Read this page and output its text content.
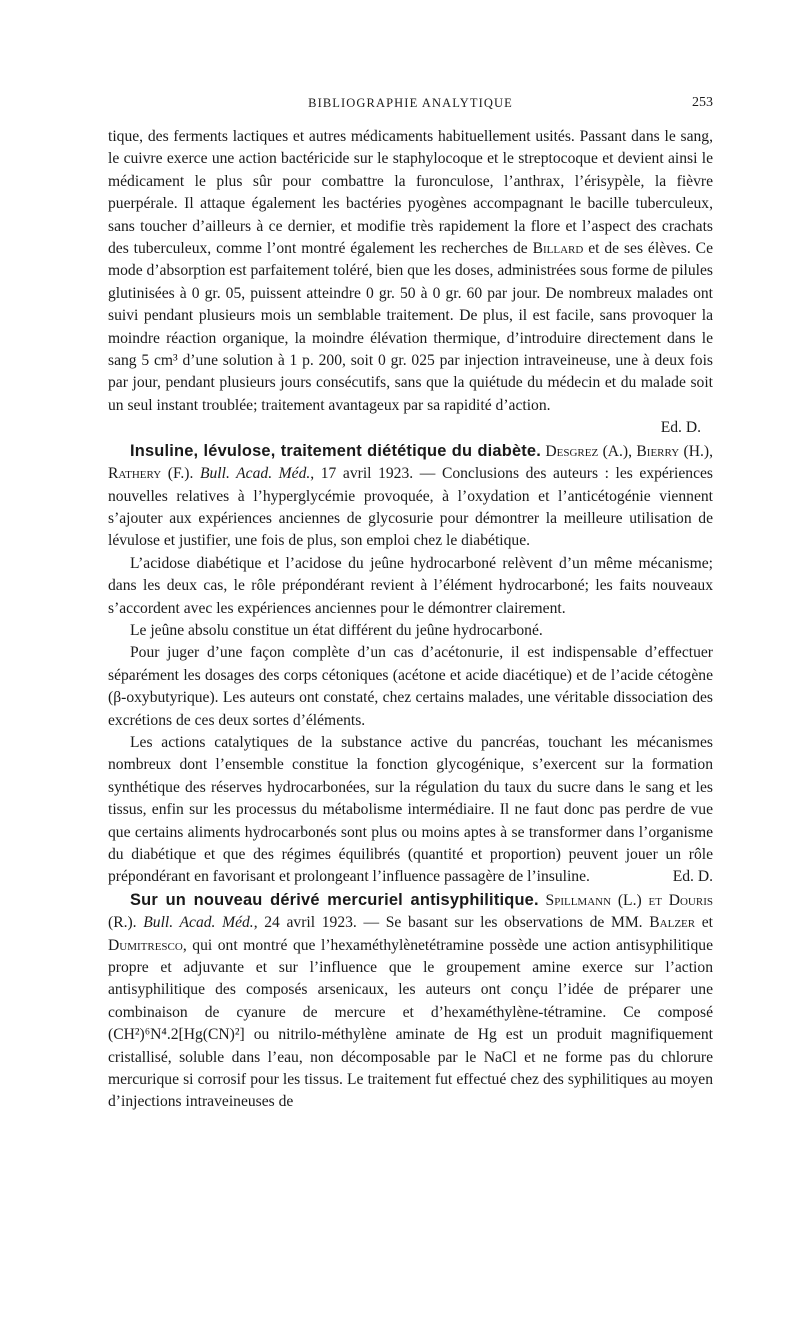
BIBLIOGRAPHIE ANALYTIQUE	253

tique, des ferments lactiques et autres médicaments habituellement usités. Passant dans le sang, le cuivre exerce une action bactéricide sur le staphylocoque et le streptocoque et devient ainsi le médicament le plus sûr pour combattre la furonculose, l’anthrax, l’érisypèle, la fièvre puerpérale. Il attaque également les bactéries pyogènes accompagnant le bacille tuberculeux, sans toucher d’ailleurs à ce dernier, et modifie très rapidement la flore et l’aspect des crachats des tuberculeux, comme l’ont montré également les recherches de Billard et de ses élèves. Ce mode d’absorption est parfaitement toléré, bien que les doses, administrées sous forme de pilules glutinisées à 0 gr. 05, puissent atteindre 0 gr. 50 à 0 gr. 60 par jour. De nombreux malades ont suivi pendant plusieurs mois un semblable traitement. De plus, il est facile, sans provoquer la moindre réaction organique, la moindre élévation thermique, d’introduire directement dans le sang 5 cm³ d’une solution à 1 p. 200, soit 0 gr. 025 par injection intraveineuse, une à deux fois par jour, pendant plusieurs jours consécutifs, sans que la quiétude du médecin et du malade soit un seul instant troublée; traitement avantageux par sa rapidité d’action.

Ed. D.

Insuline, lévulose, traitement diététique du diabète. Desgrez (A.), Bierry (H.), Rathery (F.). Bull. Acad. Méd., 17 avril 1923. — Conclusions des auteurs : les expériences nouvelles relatives à l’hyperglycémie provoquée, à l’oxydation et l’anticétogénie viennent s’ajouter aux expériences anciennes de glycosurie pour démontrer la meilleure utilisation de lévulose et justifier, une fois de plus, son emploi chez le diabétique.

L’acidose diabétique et l’acidose du jeûne hydrocarboné relèvent d’un même mécanisme; dans les deux cas, le rôle prépondérant revient à l’élément hydrocarboné; les faits nouveaux s’accordent avec les expériences anciennes pour le démontrer clairement.

Le jeûne absolu constitue un état différent du jeûne hydrocarboné.

Pour juger d’une façon complète d’un cas d’acétonurie, il est indispensable d’effectuer séparément les dosages des corps cétoniques (acétone et acide diacétique) et de l’acide cétogène (β-oxybutyrique). Les auteurs ont constaté, chez certains malades, une véritable dissociation des excrétions de ces deux sortes d’éléments.

Les actions catalytiques de la substance active du pancréas, touchant les mécanismes nombreux dont l’ensemble constitue la fonction glycogénique, s’exercent sur la formation synthétique des réserves hydrocarbonées, sur la régulation du taux du sucre dans le sang et les tissus, enfin sur les processus du métabolisme intermédiaire. Il ne faut donc pas perdre de vue que certains aliments hydrocarbonés sont plus ou moins aptes à se transformer dans l’organisme du diabétique et que des régimes équilibrés (quantité et proportion) peuvent jouer un rôle prépondérant en favorisant et prolongeant l’influence passagère de l’insuline.	Ed. D.

Sur un nouveau dérivé mercuriel antisyphilitique. Spillmann (L.) et Douris (R.). Bull. Acad. Méd., 24 avril 1923. — Se basant sur les observations de MM. Balzer et Dumitresco, qui ont montré que l’hexaméthylènetétramine possède une action antisyphilitique propre et adjuvante et sur l’influence que le groupement amine exerce sur l’action antisyphilitique des composés arsenicaux, les auteurs ont conçu l’idée de préparer une combinaison de cyanure de mercure et d’hexaméthylène-tétramine. Ce composé (CH²)⁶N⁴.2[Hg(CN)²] ou nitrilo-méthylène aminate de Hg est un produit magnifiquement cristallisé, soluble dans l’eau, non décomposable par le NaCl et ne forme pas du chlorure mercurique si corrosif pour les tissus. Le traitement fut effectué chez des syphilitiques au moyen d’injections intraveineuses de
